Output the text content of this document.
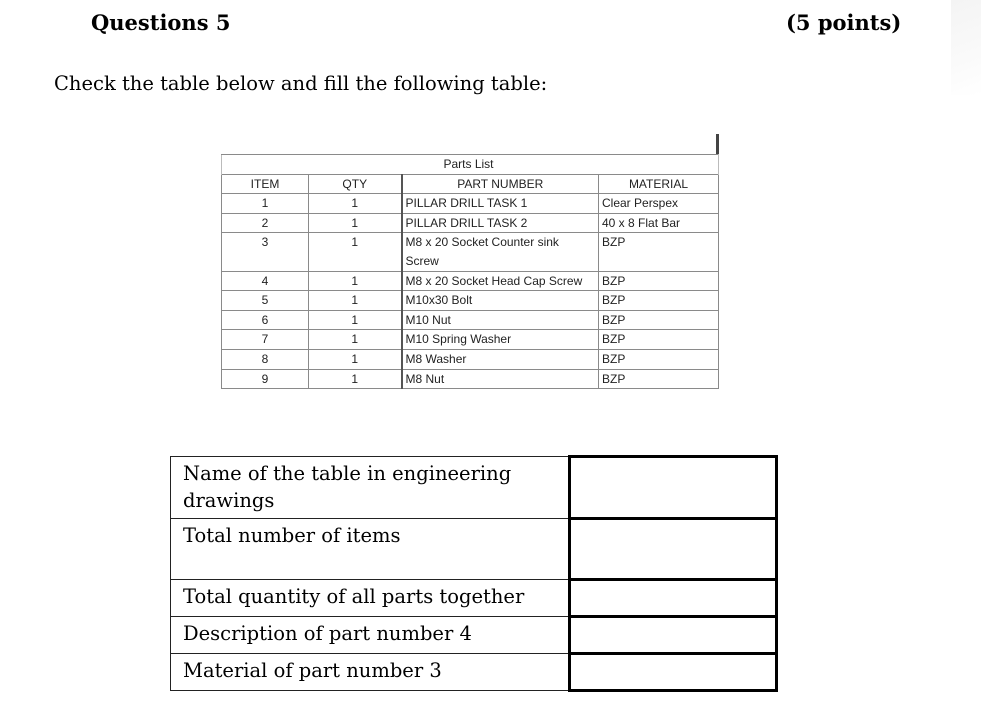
Questions 5	(5 points)
Check the table below and fill the following table:
Parts List			
ITEM	QTY	PART NUMBER	MATERIAL
1	1	PILLAR DRILL TASK 1	Clear Perspex
2	1	PILLAR DRILL TASK 2	40 x 8 Flat Bar
3	1	M8 x 20 Socket Counter sink Screw	BZP
4	1	M8 x 20 Socket Head Cap Screw	BZP
5	1	M10x30 Bolt	BZP
6	1	M10 Nut	BZP
7	1	M10 Spring Washer	BZP
8	1	M8 Washer	BZP
9	1	M8 Nut	BZP
Name of the table in engineering drawings	
Total number of items	
Total quantity of all parts together	
Description of part number 4	
Material of part number 3	
